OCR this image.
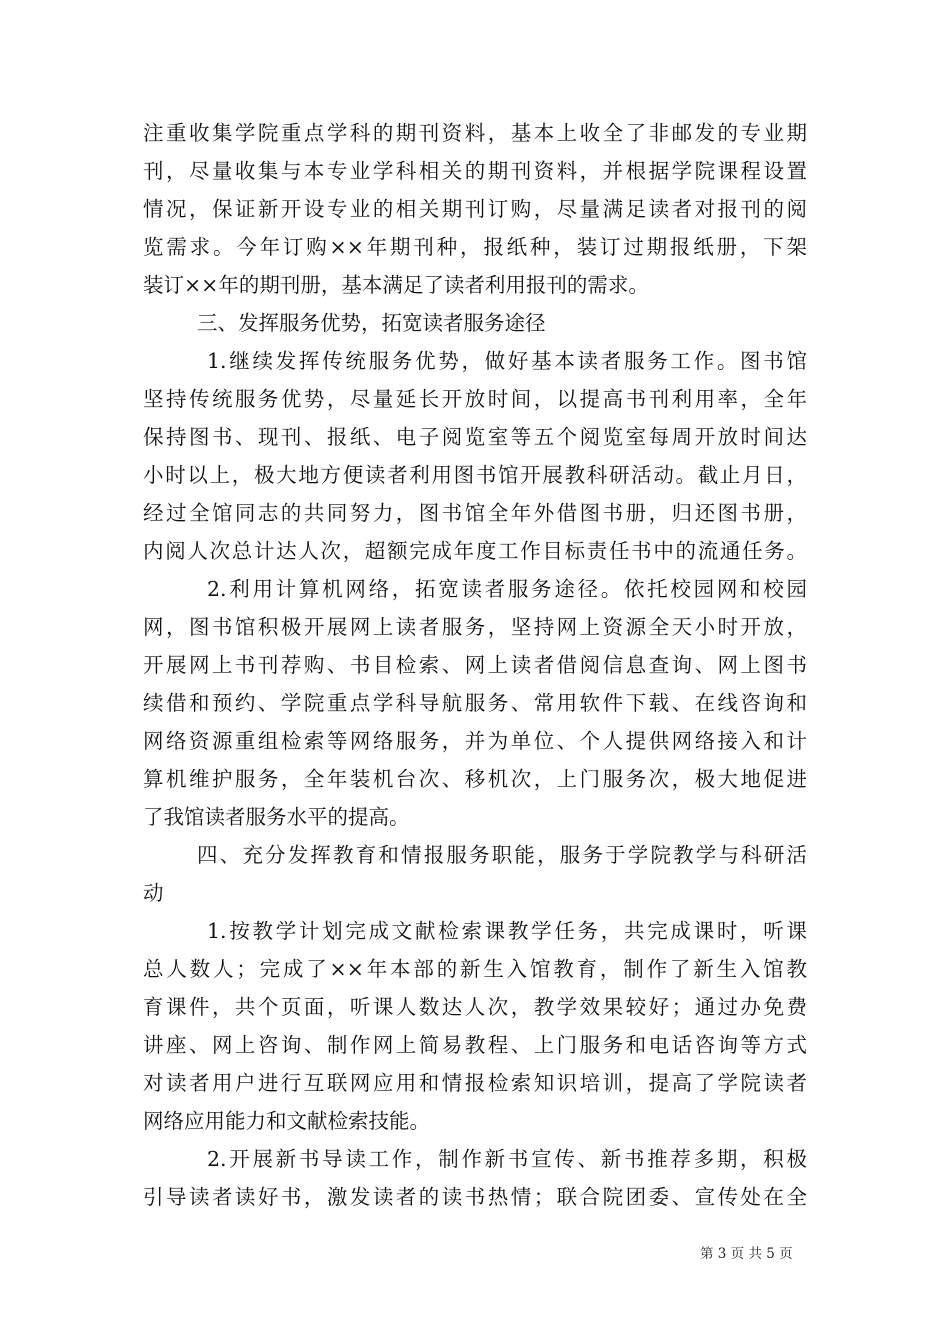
注重收集学院重点学科的期刊资料，基本上收全了非邮发的专业期
刊，尽量收集与本专业学科相关的期刊资料，并根据学院课程设置
情况，保证新开设专业的相关期刊订购，尽量满足读者对报刊的阅
览需求。今年订购××年期刊种，报纸种，装订过期报纸册，下架
装订××年的期刊册，基本满足了读者利用报刊的需求。
三、发挥服务优势，拓宽读者服务途径
1.继续发挥传统服务优势，做好基本读者服务工作。图书馆
坚持传统服务优势，尽量延长开放时间，以提高书刊利用率，全年
保持图书、现刊、报纸、电子阅览室等五个阅览室每周开放时间达
小时以上，极大地方便读者利用图书馆开展教科研活动。截止月日，
经过全馆同志的共同努力，图书馆全年外借图书册，归还图书册，
内阅人次总计达人次，超额完成年度工作目标责任书中的流通任务。
2.利用计算机网络，拓宽读者服务途径。依托校园网和校园
网，图书馆积极开展网上读者服务，坚持网上资源全天小时开放，
开展网上书刊荐购、书目检索、网上读者借阅信息查询、网上图书
续借和预约、学院重点学科导航服务、常用软件下载、在线咨询和
网络资源重组检索等网络服务，并为单位、个人提供网络接入和计
算机维护服务，全年装机台次、移机次，上门服务次，极大地促进
了我馆读者服务水平的提高。
四、充分发挥教育和情报服务职能，服务于学院教学与科研活
动
1.按教学计划完成文献检索课教学任务，共完成课时，听课
总人数人；完成了××年本部的新生入馆教育，制作了新生入馆教
育课件，共个页面，听课人数达人次，教学效果较好；通过办免费
讲座、网上咨询、制作网上简易教程、上门服务和电话咨询等方式
对读者用户进行互联网应用和情报检索知识培训，提高了学院读者
网络应用能力和文献检索技能。
2.开展新书导读工作，制作新书宣传、新书推荐多期，积极
引导读者读好书，激发读者的读书热情；联合院团委、宣传处在全
第 3 页 共 5 页
